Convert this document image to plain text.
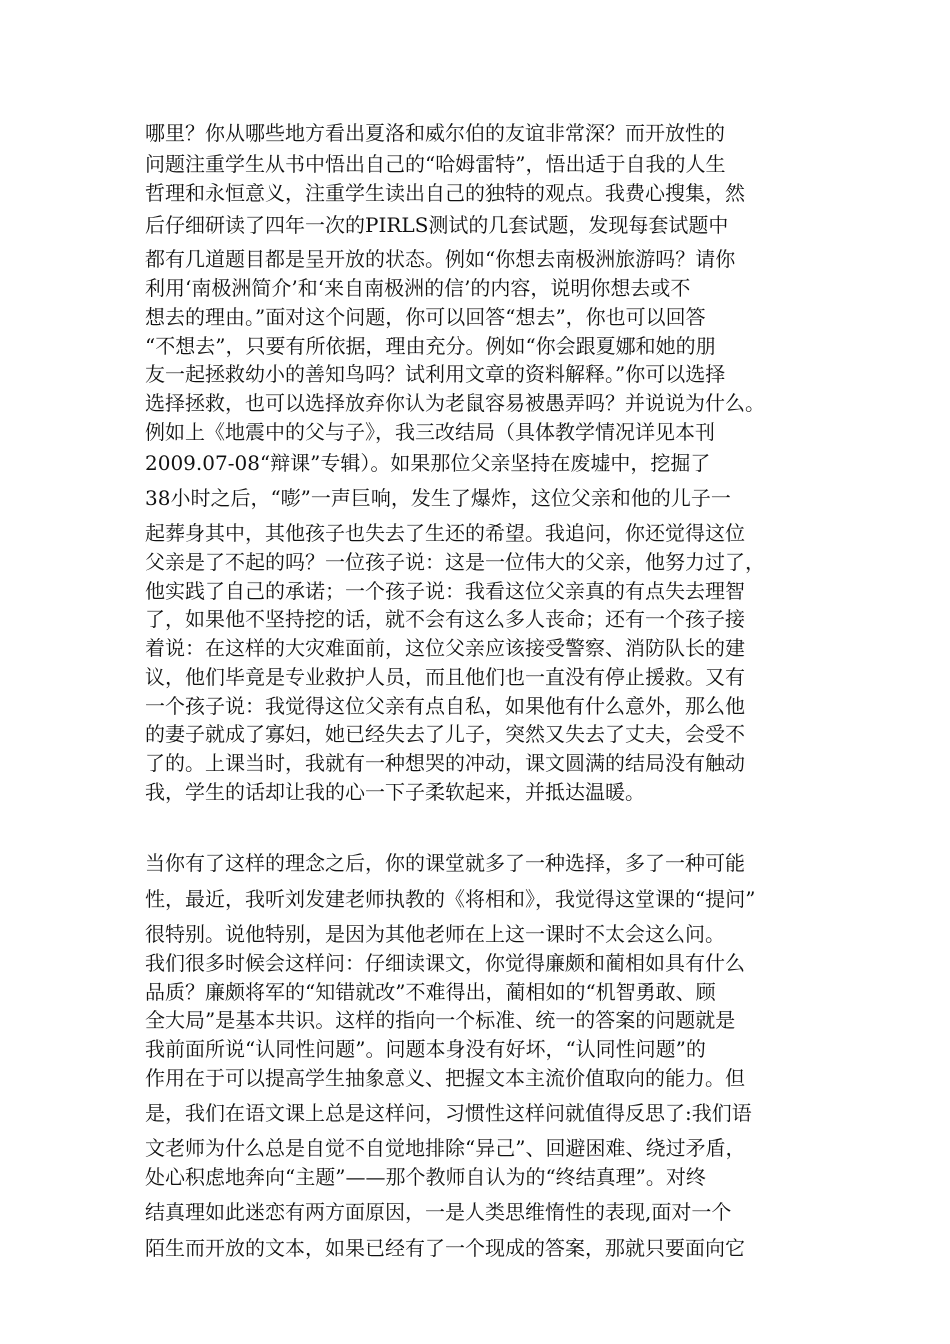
哪里？你从哪些地方看出夏洛和威尔伯的友谊非常深？而开放性的
问题注重学生从书中悟出自己的“哈姆雷特”，悟出适于自我的人生
哲理和永恒意义，注重学生读出自己的独特的观点。我费心搜集，然
后仔细研读了四年一次的PIRLS测试的几套试题，发现每套试题中
都有几道题目都是呈开放的状态。例如“你想去南极洲旅游吗？请你
利用‘南极洲简介’和‘来自南极洲的信’的内容，说明你想去或不
想去的理由。”面对这个问题，你可以回答“想去”，你也可以回答
“不想去”，只要有所依据，理由充分。例如“你会跟夏娜和她的朋
友一起拯救幼小的善知鸟吗？试利用文章的资料解释。”你可以选择
选择拯救，也可以选择放弃你认为老鼠容易被愚弄吗？并说说为什么。
例如上《地震中的父与子》，我三改结局（具体教学情况详见本刊
2009.07-08“辩课”专辑）。如果那位父亲坚持在废墟中，挖掘了
38小时之后，“嘭”一声巨响，发生了爆炸，这位父亲和他的儿子一
起葬身其中，其他孩子也失去了生还的希望。我追问，你还觉得这位
父亲是了不起的吗？一位孩子说：这是一位伟大的父亲，他努力过了，
他实践了自己的承诺；一个孩子说：我看这位父亲真的有点失去理智
了，如果他不坚持挖的话，就不会有这么多人丧命；还有一个孩子接
着说：在这样的大灾难面前，这位父亲应该接受警察、消防队长的建
议，他们毕竟是专业救护人员，而且他们也一直没有停止援救。又有
一个孩子说：我觉得这位父亲有点自私，如果他有什么意外，那么他
的妻子就成了寡妇，她已经失去了儿子，突然又失去了丈夫，会受不
了的。上课当时，我就有一种想哭的冲动，课文圆满的结局没有触动
我，学生的话却让我的心一下子柔软起来，并抵达温暖。
当你有了这样的理念之后，你的课堂就多了一种选择，多了一种可能
性，最近，我听刘发建老师执教的《将相和》，我觉得这堂课的“提问”
很特别。说他特别，是因为其他老师在上这一课时不太会这么问。
我们很多时候会这样问：仔细读课文，你觉得廉颇和蔺相如具有什么
品质？廉颇将军的“知错就改”不难得出，蔺相如的“机智勇敢、顾
全大局”是基本共识。这样的指向一个标准、统一的答案的问题就是
我前面所说“认同性问题”。问题本身没有好坏，“认同性问题”的
作用在于可以提高学生抽象意义、把握文本主流价值取向的能力。但
是，我们在语文课上总是这样问，习惯性这样问就值得反思了:我们语
文老师为什么总是自觉不自觉地排除“异己”、回避困难、绕过矛盾，
处心积虑地奔向“主题”——那个教师自认为的“终结真理”。对终
结真理如此迷恋有两方面原因，一是人类思维惰性的表现,面对一个
陌生而开放的文本，如果已经有了一个现成的答案，那就只要面向它
